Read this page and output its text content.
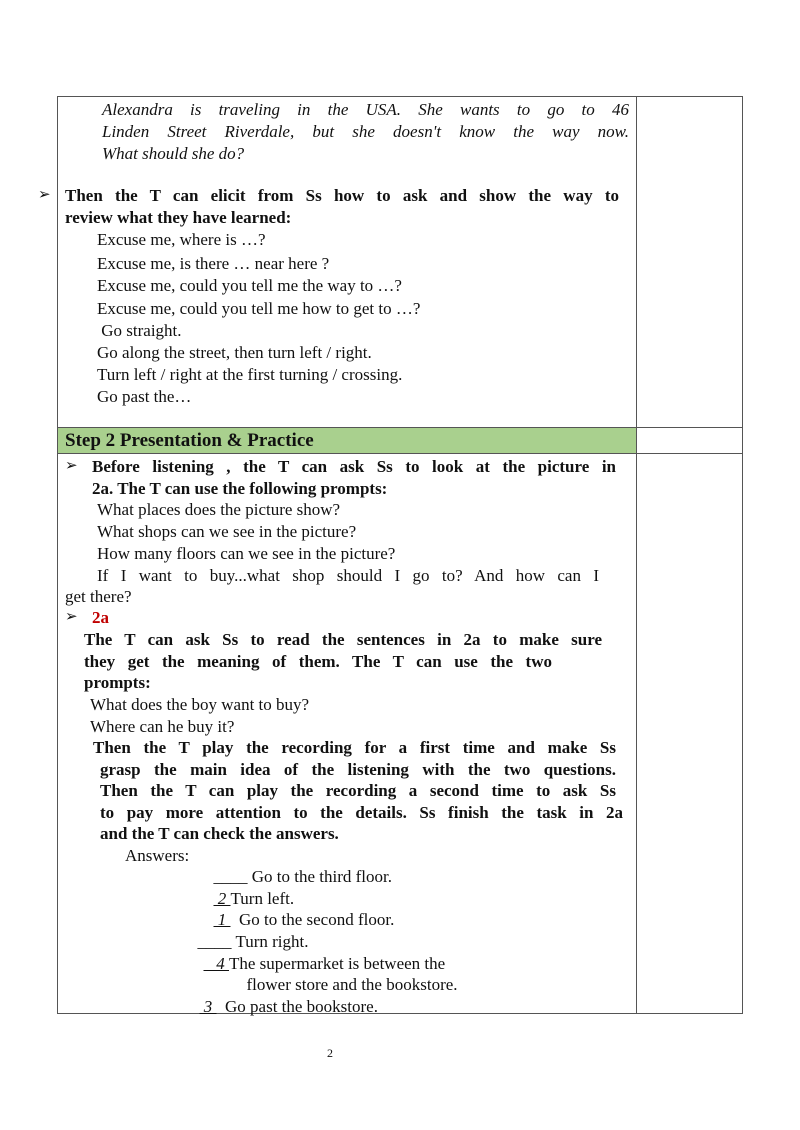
Alexandra is traveling in the USA. She wants to go to 46
Linden Street Riverdale, but she doesn't know the way now.
What should she do?
➢ Then the T can elicit from Ss how to ask and show the way to
review what they have learned:
Excuse me, where is …?
Excuse me, is there … near here ?
Excuse me, could you tell me the way to …?
Excuse me, could you tell me how to get to …?
Go straight.
Go along the street, then turn left / right.
Turn left / right at the first turning / crossing.
Go past the…
Step 2 Presentation & Practice
➢ Before listening , the T can ask Ss to look at the picture in
2a. The T can use the following prompts:
What places does the picture show?
What shops can we see in the picture?
How many floors can we see in the picture?
If I want to buy...what shop should I go to? And how can I
get there?
➢ 2a
The T can ask Ss to read the sentences in 2a to make sure
they get the meaning of them. The T can use the two
prompts:
What does the boy want to buy?
Where can he buy it?
Then the T play the recording for a first time and make Ss
grasp the main idea of the listening with the two questions.
Then the T can play the recording a second time to ask Ss
to pay more attention to the details. Ss finish the task in 2a
and the T can check the answers.
Answers:

____ Go to the third floor.

2 Turn left.

1   Go to the second floor.

____ Turn right.

_4 The supermarket is between the

flower store and the bookstore.

3   Go past the bookstore.

2
